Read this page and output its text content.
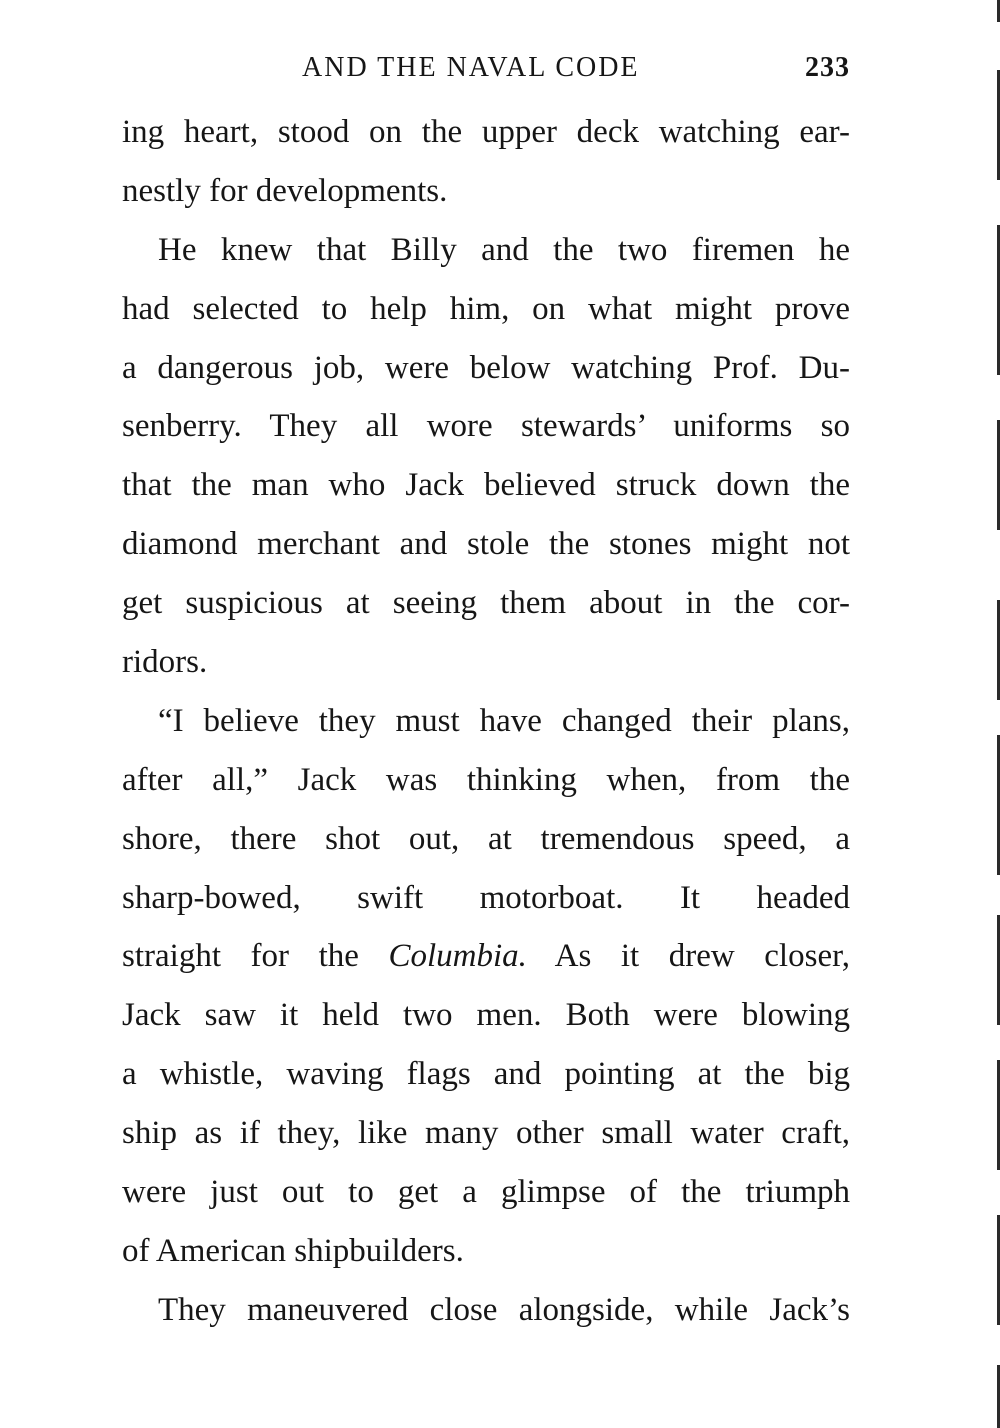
AND THE NAVAL CODE	233
ing heart, stood on the upper deck watching ear-
nestly for developments.
He knew that Billy and the two firemen he
had selected to help him, on what might prove
a dangerous job, were below watching Prof. Du-
senberry. They all wore stewards’ uniforms so
that the man who Jack believed struck down the
diamond merchant and stole the stones might not
get suspicious at seeing them about in the cor-
ridors.
“I believe they must have changed their plans,
after all,” Jack was thinking when, from the
shore, there shot out, at tremendous speed, a
sharp-bowed, swift motorboat. It headed
straight for the Columbia. As it drew closer,
Jack saw it held two men. Both were blowing
a whistle, waving flags and pointing at the big
ship as if they, like many other small water craft,
were just out to get a glimpse of the triumph
of American shipbuilders.
They maneuvered close alongside, while Jack’s
